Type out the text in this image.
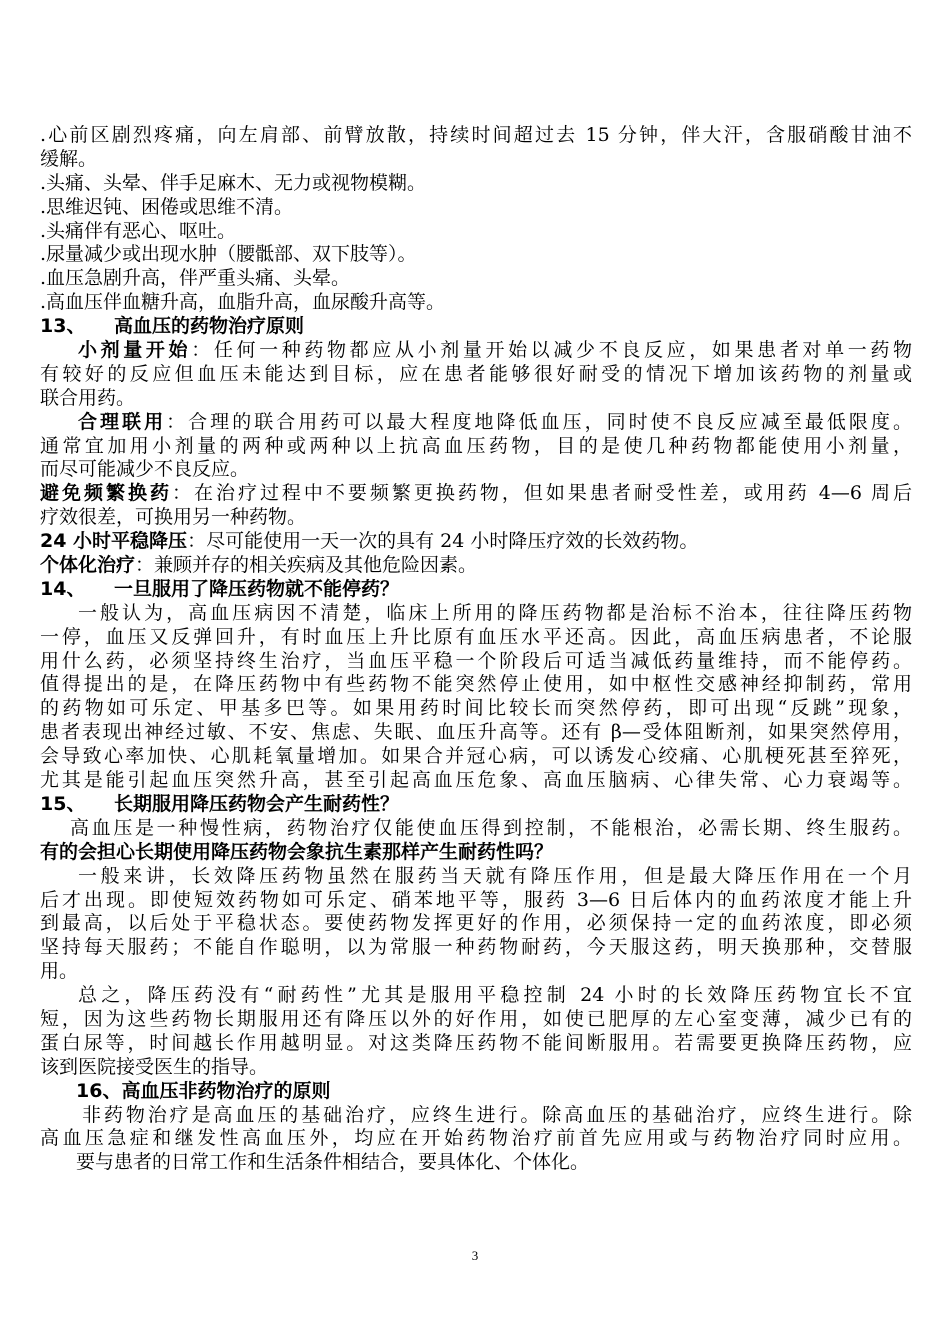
.心前区剧烈疼痛，向左肩部、前臂放散，持续时间超过去 15 分钟，伴大汗，含服硝酸甘油不
缓解。
.头痛、头晕、伴手足麻木、无力或视物模糊。
.思维迟钝、困倦或思维不清。
.头痛伴有恶心、呕吐。
.尿量减少或出现水肿（腰骶部、双下肢等）。
.血压急剧升高，伴严重头痛、头晕。
.高血压伴血糖升高，血脂升高，血尿酸升高等。
13、 高血压的药物治疗原则
小剂量开始：任何一种药物都应从小剂量开始以减少不良反应，如果患者对单一药物
有较好的反应但血压未能达到目标，应在患者能够很好耐受的情况下增加该药物的剂量或
联合用药。
合理联用：合理的联合用药可以最大程度地降低血压，同时使不良反应减至最低限度。
通常宜加用小剂量的两种或两种以上抗高血压药物，目的是使几种药物都能使用小剂量，
而尽可能减少不良反应。
避免频繁换药：在治疗过程中不要频繁更换药物，但如果患者耐受性差，或用药 4—6 周后
疗效很差，可换用另一种药物。
24 小时平稳降压：尽可能使用一天一次的具有 24 小时降压疗效的长效药物。
个体化治疗：兼顾并存的相关疾病及其他危险因素。
14、 一旦服用了降压药物就不能停药？
一般认为，高血压病因不清楚，临床上所用的降压药物都是治标不治本，往往降压药物
一停，血压又反弹回升，有时血压上升比原有血压水平还高。因此，高血压病患者，不论服
用什么药，必须坚持终生治疗，当血压平稳一个阶段后可适当减低药量维持，而不能停药。
值得提出的是，在降压药物中有些药物不能突然停止使用，如中枢性交感神经抑制药，常用
的药物如可乐定、甲基多巴等。如果用药时间比较长而突然停药，即可出现“反跳”现象，
患者表现出神经过敏、不安、焦虑、失眠、血压升高等。还有 β—受体阻断剂，如果突然停用，
会导致心率加快、心肌耗氧量增加。如果合并冠心病，可以诱发心绞痛、心肌梗死甚至猝死，
尤其是能引起血压突然升高，甚至引起高血压危象、高血压脑病、心律失常、心力衰竭等。
15、 长期服用降压药物会产生耐药性？
高血压是一种慢性病，药物治疗仅能使血压得到控制，不能根治，必需长期、终生服药。
有的会担心长期使用降压药物会象抗生素那样产生耐药性吗？
一般来讲，长效降压药物虽然在服药当天就有降压作用，但是最大降压作用在一个月
后才出现。即使短效药物如可乐定、硝苯地平等，服药 3—6 日后体内的血药浓度才能上升
到最高，以后处于平稳状态。要使药物发挥更好的作用，必须保持一定的血药浓度，即必须
坚持每天服药；不能自作聪明，以为常服一种药物耐药，今天服这药，明天换那种，交替服
用。
总之，降压药没有“耐药性”尤其是服用平稳控制 24 小时的长效降压药物宜长不宜
短，因为这些药物长期服用还有降压以外的好作用，如使已肥厚的左心室变薄，减少已有的
蛋白尿等，时间越长作用越明显。对这类降压药物不能间断服用。若需要更换降压药物，应
该到医院接受医生的指导。
16、高血压非药物治疗的原则
非药物治疗是高血压的基础治疗，应终生进行。除高血压的基础治疗，应终生进行。除
高血压急症和继发性高血压外，均应在开始药物治疗前首先应用或与药物治疗同时应用。
要与患者的日常工作和生活条件相结合，要具体化、个体化。
3
